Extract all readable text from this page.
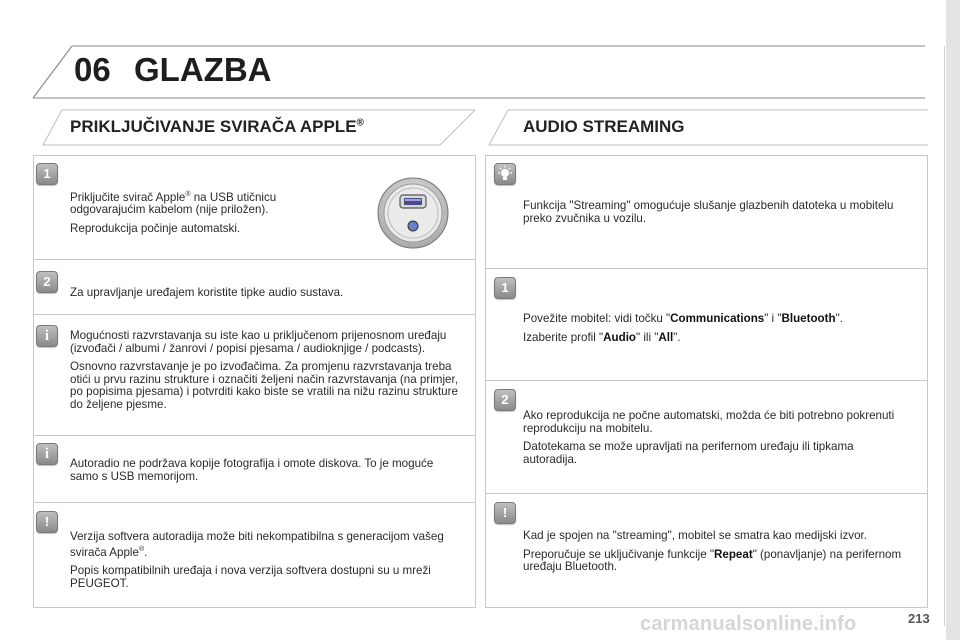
06 GLAZBA
PRIKLJUČIVANJE SVIRAČA APPLE®	AUDIO STREAMING
1

Priključite svirač Apple® na USB utičnicu
odgovarajućim kabelom (nije priložen).

Reprodukcija počinje automatski.

2
Za upravljanje uređajem koristite tipke audio sustava.
i	Mogućnosti razvrstavanja su iste kao u priključenom prijenosnom uređaju (izvođači / albumi / žanrovi / popisi pjesama / audioknjige / podcasts).

Osnovno razvrstavanje je po izvođačima. Za promjenu razvrstavanja treba otići u prvu razinu strukture i označiti željeni način razvrstavanja (na primjer, po popisima pjesama) i potvrditi kako biste se vratili na nižu razinu strukture do željene pjesme.

i
Autoradio ne podržava kopije fotografija i omote diskova. To je moguće samo s USB memorijom.
!

Verzija softvera autoradija može biti nekompatibilna s generacijom vašeg svirača Apple®.

Popis kompatibilnih uređaja i nova verzija softvera dostupni su u mreži PEUGEOT.

Funkcija "Streaming" omogućuje slušanje glazbenih datoteka u mobitelu preko zvučnika u vozilu.
1

Povežite mobitel: vidi točku "Communications" i "Bluetooth".

Izaberite profil "Audio" ili "All".

2

Ako reprodukcija ne počne automatski, možda će biti potrebno pokrenuti reprodukciju na mobitelu.

Datotekama se može upravljati na perifernom uređaju ili tipkama autoradija.

!

Kad je spojen na "streaming", mobitel se smatra kao medijski izvor.

Preporučuje se uključivanje funkcije "Repeat" (ponavljanje) na perifernom uređaju Bluetooth.

carmanualsonline.info	213
